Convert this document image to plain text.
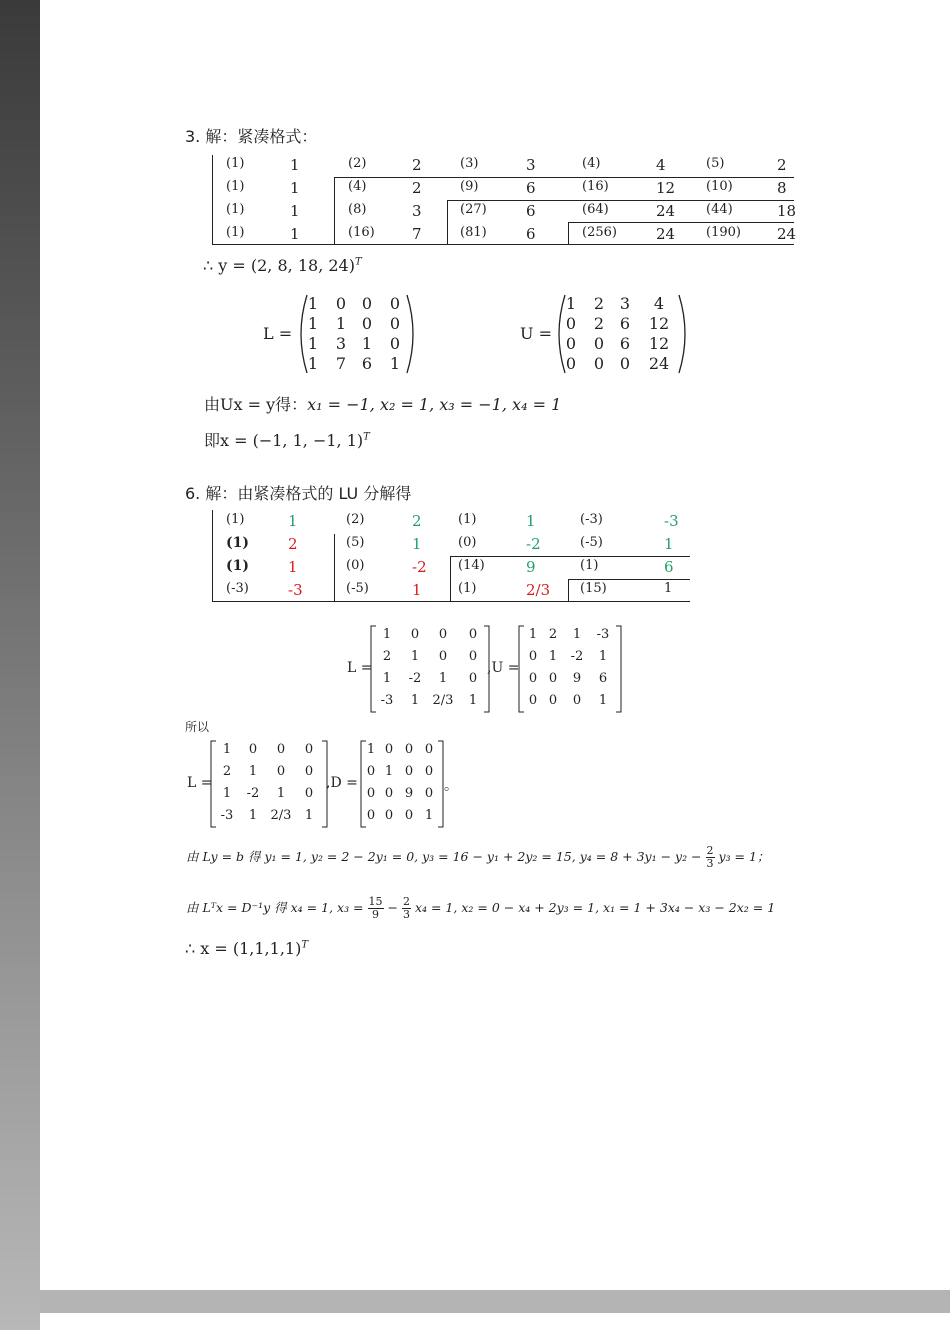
3. 解：紧凑格式：
(1)	1	(2)	2	(3)	3	(4)	4	(5)	2
(1)	1	(4)	2	(9)	6	(16)	12 (10)	8
(1)	1	(8)	3	(27)	6	(64)	24 (44)	18
(1)	1	(16) 7	(81)	6	(256)	24 (190) 24
∴ y = (2, 8, 18, 24)$^T$
L =
1	0 0	0
1	1 0	0
1	3 1	0
1	7 6	1
U =
1	2 3	4
0	2 6	12
0	0 6	12
0	0 0	24
由Ux = y得：x₁ = −1, x₂ = 1, x₃ = −1, x₄ = 1
即x = (−1, 1, −1, 1)$^T$
6. 解：由紧凑格式的 LU 分解得
(1)	1	(2)	2	(1)	1	(-3)	-3
(1)	2	(5)	1	(0)	-2	(-5)	1
(1)	1	(0)	-2 (14)	9	(1)	6
(-3)	-3	(-5)	1	(1)	2/3 (15)	1
L =
1	0	0	0
2	1	0	0
1	-2	1	0
-3	1	2/3	1
,U =
1 2	1	-3
0 1	-2	1
0 0	9	6
0 0	0	1
所以
L =
1	0	0	0
2	1	0	0
1	-2	1	0
-3	1	2/3	1
,D =
1 0 0 0
0 1 0 0
0 0 9 0
0 0 0 1
。
由 Ly = b 得 y₁ = 1, y₂ = 2 − 2y₁ = 0, y₃ = 16 − y₁ + 2y₂ = 15, $y_4 = 8 + 3y_1 - y_2 - \frac{2}{3} y_3 = 1$；
由 Lᵀx = D⁻¹y 得 x₄ = 1, $x_3 = \frac{15}{9} - \frac{2}{3} x_4 = 1$, x₂ = 0 − x₄ + 2y₃ = 1, x₁ = 1 + 3x₄ − x₃ − 2x₂ = 1
∴ $x = (1,1,1,1)^T$
